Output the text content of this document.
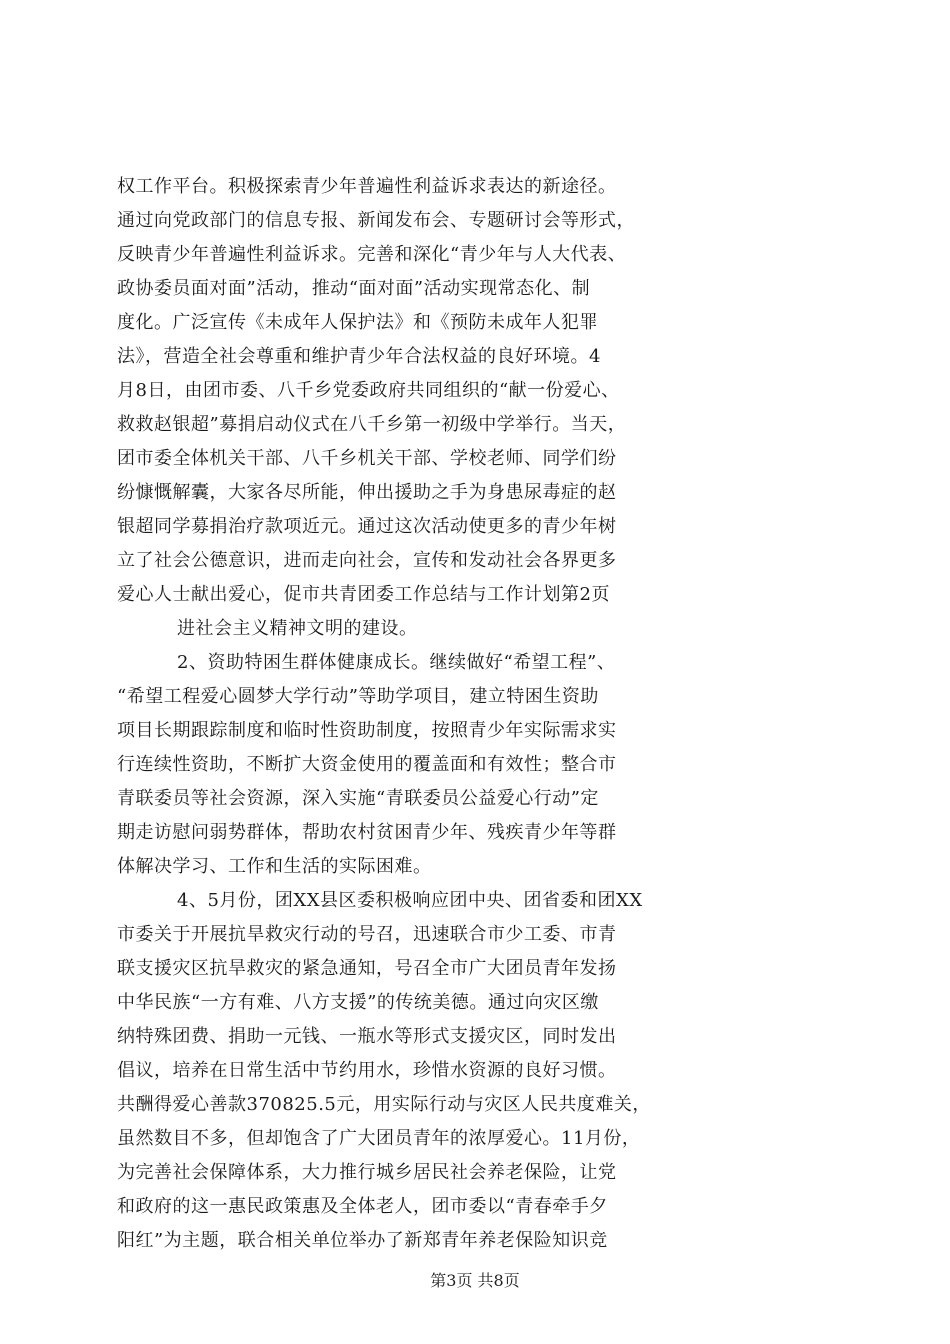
权工作平台。积极探索青少年普遍性利益诉求表达的新途径。
通过向党政部门的信息专报、新闻发布会、专题研讨会等形式，
反映青少年普遍性利益诉求。完善和深化“青少年与人大代表、
政协委员面对面”活动，推动“面对面”活动实现常态化、制
度化。广泛宣传《未成年人保护法》和《预防未成年人犯罪
法》，营造全社会尊重和维护青少年合法权益的良好环境。4
月8日，由团市委、八千乡党委政府共同组织的“献一份爱心、
救救赵银超”募捐启动仪式在八千乡第一初级中学举行。当天，
团市委全体机关干部、八千乡机关干部、学校老师、同学们纷
纷慷慨解囊，大家各尽所能，伸出援助之手为身患尿毒症的赵
银超同学募捐治疗款项近元。通过这次活动使更多的青少年树
立了社会公德意识，进而走向社会，宣传和发动社会各界更多
爱心人士献出爱心，促市共青团委工作总结与工作计划第2页
进社会主义精神文明的建设。
2、资助特困生群体健康成长。继续做好“希望工程”、
“希望工程爱心圆梦大学行动”等助学项目，建立特困生资助
项目长期跟踪制度和临时性资助制度，按照青少年实际需求实
行连续性资助，不断扩大资金使用的覆盖面和有效性；整合市
青联委员等社会资源，深入实施“青联委员公益爱心行动”定
期走访慰问弱势群体，帮助农村贫困青少年、残疾青少年等群
体解决学习、工作和生活的实际困难。
4、5月份，团XX县区委积极响应团中央、团省委和团XX
市委关于开展抗旱救灾行动的号召，迅速联合市少工委、市青
联支援灾区抗旱救灾的紧急通知，号召全市广大团员青年发扬
中华民族“一方有难、八方支援”的传统美德。通过向灾区缴
纳特殊团费、捐助一元钱、一瓶水等形式支援灾区，同时发出
倡议，培养在日常生活中节约用水，珍惜水资源的良好习惯。
共酬得爱心善款370825.5元，用实际行动与灾区人民共度难关，
虽然数目不多，但却饱含了广大团员青年的浓厚爱心。11月份，
为完善社会保障体系，大力推行城乡居民社会养老保险，让党
和政府的这一惠民政策惠及全体老人，团市委以“青春牵手夕
阳红”为主题，联合相关单位举办了新郑青年养老保险知识竞
第3页 共8页
